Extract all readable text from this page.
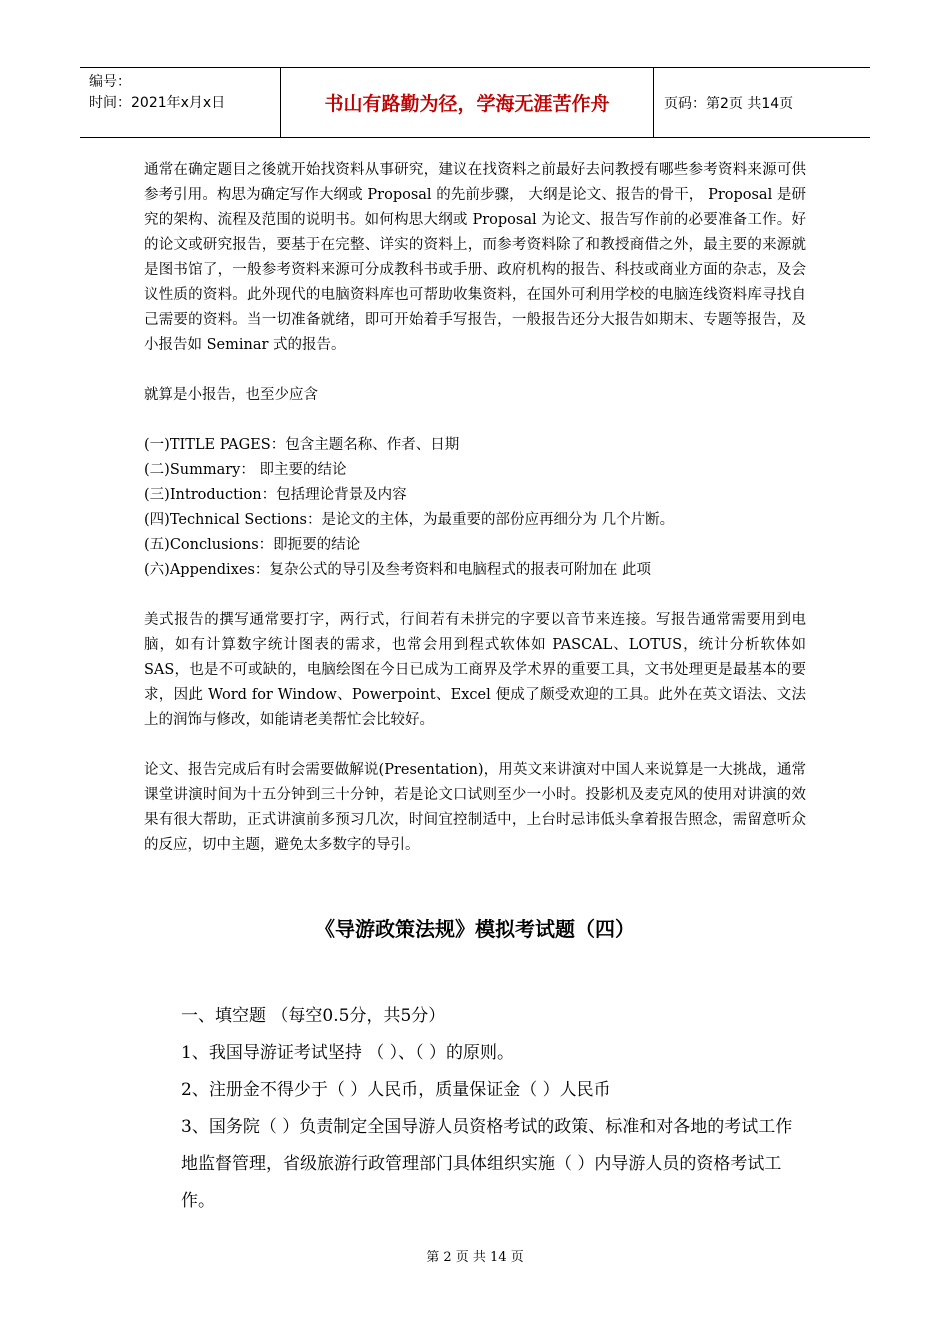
编号：
时间：2021年x月x日	书山有路勤为径，学海无涯苦作舟	页码：第2页 共14页

通常在确定题目之後就开始找资料从事研究，建议在找资料之前最好去问教授有哪些参考资料来源可供参考引用。构思为确定写作大纲或 Proposal 的先前步骤， 大纲是论文、报告的骨干， Proposal 是研究的架构、流程及范围的说明书。如何构思大纲或 Proposal 为论文、报告写作前的必要准备工作。好的论文或研究报告，要基于在完整、详实的资料上，而参考资料除了和教授商借之外，最主要的来源就是图书馆了，一般参考资料来源可分成教科书或手册、政府机构的报告、科技或商业方面的杂志，及会议性质的资料。此外现代的电脑资料库也可帮助收集资料，在国外可利用学校的电脑连线资料库寻找自己需要的资料。当一切准备就绪，即可开始着手写报告，一般报告还分大报告如期末、专题等报告，及小报告如 Seminar 式的报告。

就算是小报告，也至少应含

(一)TITLE PAGES：包含主题名称、作者、日期

(二)Summary： 即主要的结论

(三)Introduction：包括理论背景及内容

(四)Technical Sections：是论文的主体，为最重要的部份应再细分为 几个片断。

(五)Conclusions：即扼要的结论

(六)Appendixes：复杂公式的导引及叁考资料和电脑程式的报表可附加在 此项

美式报告的撰写通常要打字，两行式，行间若有未拼完的字要以音节来连接。写报告通常需要用到电脑，如有计算数字统计图表的需求，也常会用到程式软体如 PASCAL、LOTUS，统计分析软体如 SAS，也是不可或缺的，电脑绘图在今日已成为工商界及学术界的重要工具，文书处理更是最基本的要求，因此 Word for Window、Powerpoint、Excel 便成了颇受欢迎的工具。此外在英文语法、文法上的润饰与修改，如能请老美帮忙会比较好。

论文、报告完成后有时会需要做解说(Presentation)，用英文来讲演对中国人来说算是一大挑战，通常课堂讲演时间为十五分钟到三十分钟，若是论文口试则至少一小时。投影机及麦克风的使用对讲演的效果有很大帮助，正式讲演前多预习几次，时间宜控制适中，上台时忌讳低头拿着报告照念，需留意听众的反应，切中主题，避免太多数字的导引。

《导游政策法规》模拟考试题（四）
一、填空题 （每空0.5分，共5分）
1、我国导游证考试坚持 （ ）、（ ）的原则。
2、注册金不得少于（ ）人民币，质量保证金（ ）人民币
3、国务院（ ）负责制定全国导游人员资格考试的政策、标准和对各地的考试工作地监督管理，省级旅游行政管理部门具体组织实施（ ）内导游人员的资格考试工作。
第 2 页 共 14 页
